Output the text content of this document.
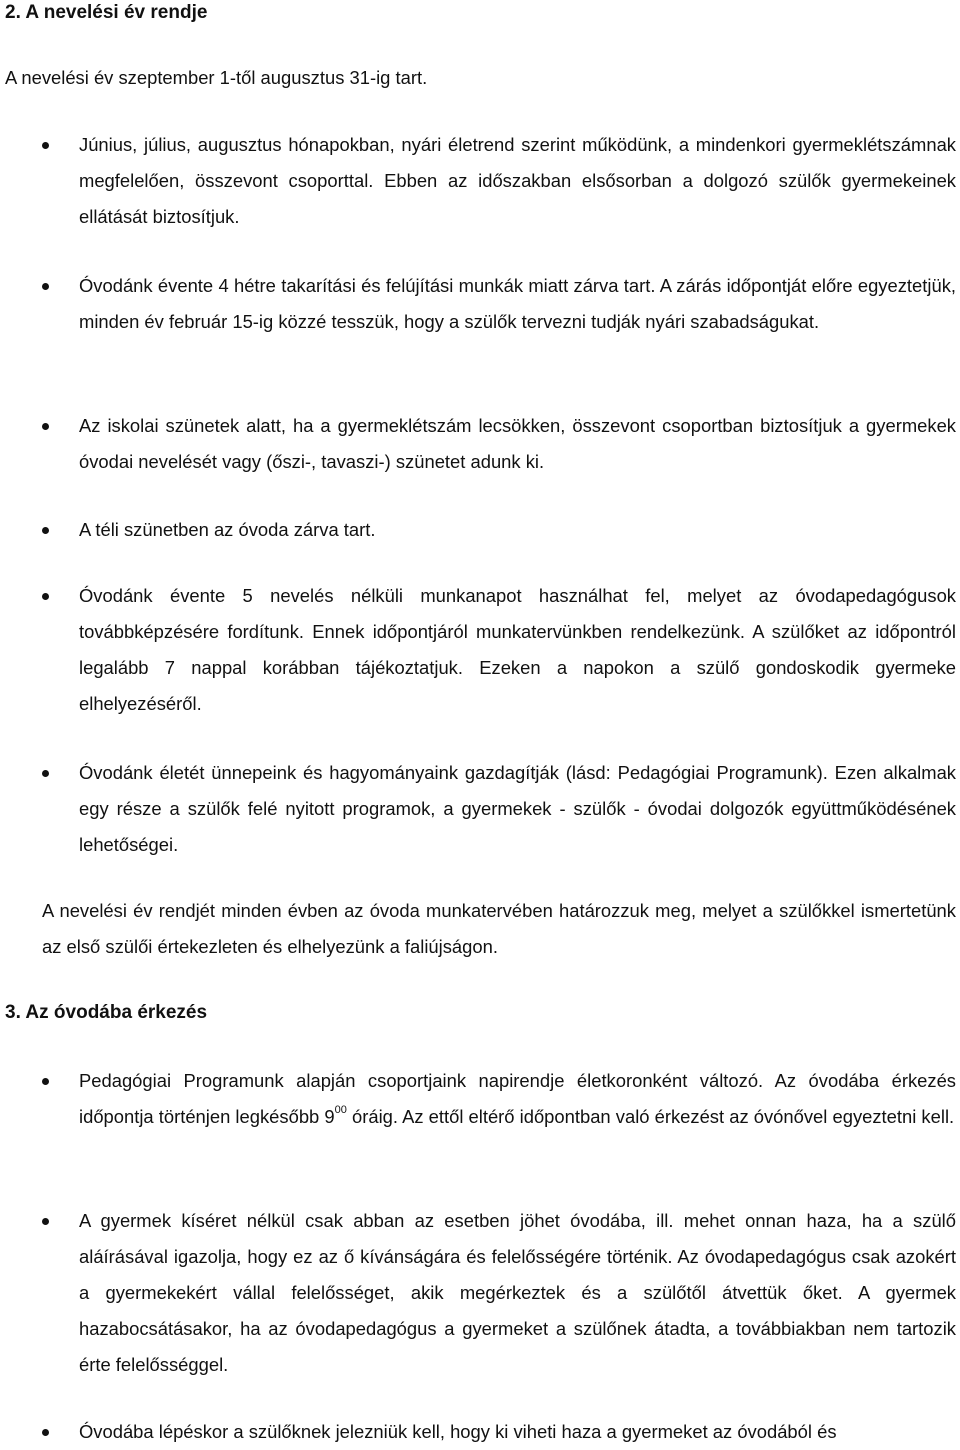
2. A nevelési év rendje

A nevelési év szeptember 1-től augusztus 31-ig tart.

Június, július, augusztus hónapokban, nyári életrend szerint működünk, a mindenkori gyermeklétszámnak megfelelően, összevont csoporttal. Ebben az időszakban elsősorban a dolgozó szülők gyermekeinek ellátását biztosítjuk.

Óvodánk évente 4 hétre takarítási és felújítási munkák miatt zárva tart. A zárás időpontját előre egyeztetjük, minden év február 15-ig közzé tesszük, hogy a szülők tervezni tudják nyári szabadságukat.

Az iskolai szünetek alatt, ha a gyermeklétszám lecsökken, összevont csoportban biztosítjuk a gyermekek óvodai nevelését vagy (őszi-, tavaszi-) szünetet adunk ki.

A téli szünetben az óvoda zárva tart.

Óvodánk évente 5 nevelés nélküli munkanapot használhat fel, melyet az óvodapedagógusok továbbképzésére fordítunk. Ennek időpontjáról munkatervünkben rendelkezünk. A szülőket az időpontról legalább 7 nappal korábban tájékoztatjuk. Ezeken a napokon a szülő gondoskodik gyermeke elhelyezéséről.

Óvodánk életét ünnepeink és hagyományaink gazdagítják (lásd: Pedagógiai Programunk). Ezen alkalmak egy része a szülők felé nyitott programok, a gyermekek - szülők - óvodai dolgozók együttműködésének lehetőségei.

A nevelési év rendjét minden évben az óvoda munkatervében határozzuk meg, melyet a szülőkkel ismertetünk az első szülői értekezleten és elhelyezünk a faliújságon.

3. Az óvodába érkezés

Pedagógiai Programunk alapján csoportjaink napirendje életkoronként változó. Az óvodába érkezés időpontja történjen legkésőbb $9^{00}$ óráig. Az ettől eltérő időpontban való érkezést az óvónővel egyeztetni kell.

A gyermek kíséret nélkül csak abban az esetben jöhet óvodába, ill. mehet onnan haza, ha a szülő aláírásával igazolja, hogy ez az ő kívánságára és felelősségére történik. Az óvodapedagógus csak azokért a gyermekekért vállal felelősséget, akik megérkeztek és a szülőtől átvettük őket. A gyermek hazabocsátásakor, ha az óvodapedagógus a gyermeket a szülőnek átadta, a továbbiakban nem tartozik érte felelősséggel.

Óvodába lépéskor a szülőknek jelezniük kell, hogy ki viheti haza a gyermeket az óvodából és
